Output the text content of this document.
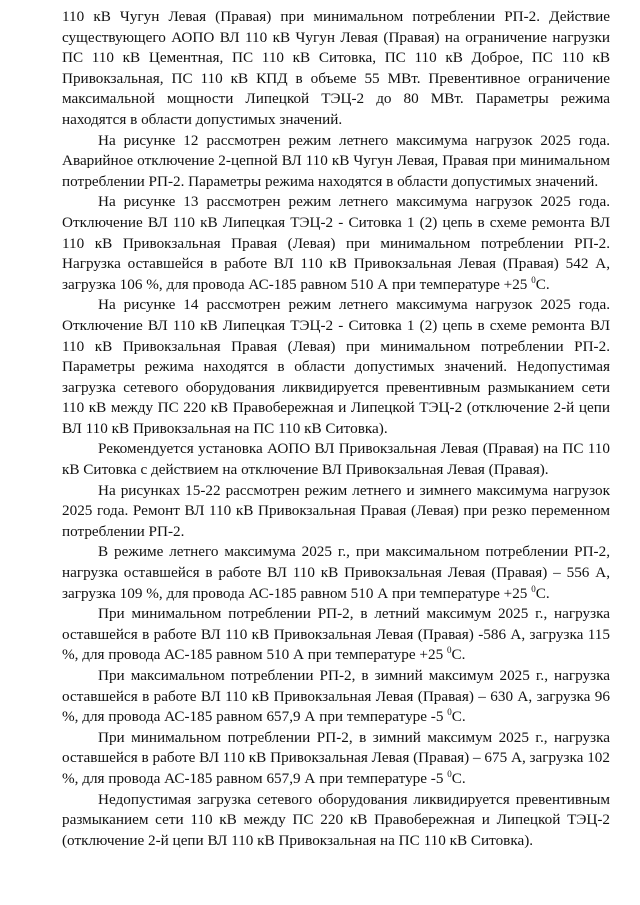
110 кВ Чугун Левая (Правая) при минимальном потреблении РП-2. Действие существующего АОПО ВЛ 110 кВ Чугун Левая (Правая) на ограничение нагрузки ПС 110 кВ Цементная, ПС 110 кВ Ситовка, ПС 110 кВ Доброе, ПС 110 кВ Привокзальная, ПС 110 кВ КПД в объеме 55 МВт. Превентивное ограничение максимальной мощности Липецкой ТЭЦ-2 до 80 МВт. Параметры режима находятся в области допустимых значений.

На рисунке 12 рассмотрен режим летнего максимума нагрузок 2025 года. Аварийное отключение 2-цепной ВЛ 110 кВ Чугун Левая, Правая при минимальном потреблении РП-2. Параметры режима находятся в области допустимых значений.

На рисунке 13 рассмотрен режим летнего максимума нагрузок 2025 года. Отключение ВЛ 110 кВ Липецкая ТЭЦ-2 - Ситовка 1 (2) цепь в схеме ремонта ВЛ 110 кВ Привокзальная Правая (Левая) при минимальном потреблении РП-2. Нагрузка оставшейся в работе ВЛ 110 кВ Привокзальная Левая (Правая) 542 А, загрузка 106 %, для провода АС-185 равном 510 А при температуре +25 $^0$С.

На рисунке 14 рассмотрен режим летнего максимума нагрузок 2025 года. Отключение ВЛ 110 кВ Липецкая ТЭЦ-2 - Ситовка 1 (2) цепь в схеме ремонта ВЛ 110 кВ Привокзальная Правая (Левая) при минимальном потреблении РП-2. Параметры режима находятся в области допустимых значений. Недопустимая загрузка сетевого оборудования ликвидируется превентивным размыканием сети 110 кВ между ПС 220 кВ Правобережная и Липецкой ТЭЦ-2 (отключение 2-й цепи ВЛ 110 кВ Привокзальная на ПС 110 кВ Ситовка).

Рекомендуется установка АОПО ВЛ Привокзальная Левая (Правая) на ПС 110 кВ Ситовка с действием на отключение ВЛ Привокзальная Левая (Правая).

На рисунках 15-22 рассмотрен режим летнего и зимнего максимума нагрузок 2025 года. Ремонт ВЛ 110 кВ Привокзальная Правая (Левая) при резко переменном потреблении РП-2.

В режиме летнего максимума 2025 г., при максимальном потреблении РП-2, нагрузка оставшейся в работе ВЛ 110 кВ Привокзальная Левая (Правая) – 556 А, загрузка 109 %, для провода АС-185 равном 510 А при температуре +25 $^0$С.

При минимальном потреблении РП-2, в летний максимум 2025 г., нагрузка оставшейся в работе ВЛ 110 кВ Привокзальная Левая (Правая) -586 А, загрузка 115 %, для провода АС-185 равном 510 А при температуре +25 $^0$С.

При максимальном потреблении РП-2, в зимний максимум 2025 г., нагрузка оставшейся в работе ВЛ 110 кВ Привокзальная Левая (Правая) – 630 А, загрузка 96 %, для провода АС-185 равном 657,9 А при температуре -5 $^0$С.

При минимальном потреблении РП-2, в зимний максимум 2025 г., нагрузка оставшейся в работе ВЛ 110 кВ Привокзальная Левая (Правая) – 675 А, загрузка 102 %, для провода АС-185 равном 657,9 А при температуре -5 $^0$С.

Недопустимая загрузка сетевого оборудования ликвидируется превентивным размыканием сети 110 кВ между ПС 220 кВ Правобережная и Липецкой ТЭЦ-2 (отключение 2-й цепи ВЛ 110 кВ Привокзальная на ПС 110 кВ Ситовка).
